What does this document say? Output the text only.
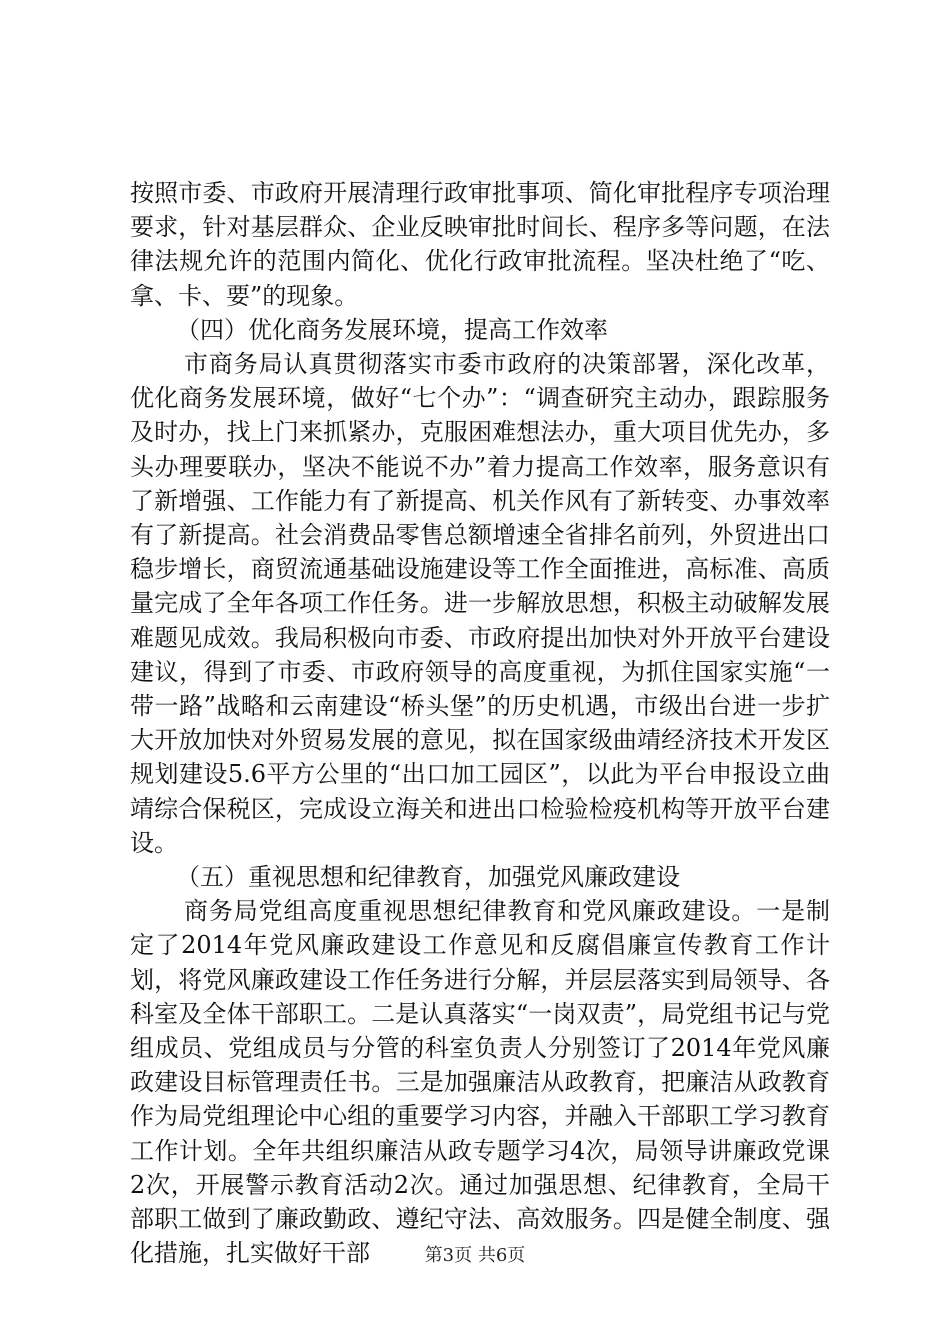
按照市委、市政府开展清理行政审批事项、简化审批程序专项治理要求，针对基层群众、企业反映审批时间长、程序多等问题，在法律法规允许的范围内简化、优化行政审批流程。坚决杜绝了“吃、拿、卡、要”的现象。

（四）优化商务发展环境，提高工作效率

市商务局认真贯彻落实市委市政府的决策部署，深化改革，优化商务发展环境，做好“七个办”：“调查研究主动办，跟踪服务及时办，找上门来抓紧办，克服困难想法办，重大项目优先办，多头办理要联办，坚决不能说不办”着力提高工作效率，服务意识有了新增强、工作能力有了新提高、机关作风有了新转变、办事效率有了新提高。社会消费品零售总额增速全省排名前列，外贸进出口稳步增长，商贸流通基础设施建设等工作全面推进，高标准、高质量完成了全年各项工作任务。进一步解放思想，积极主动破解发展难题见成效。我局积极向市委、市政府提出加快对外开放平台建设建议，得到了市委、市政府领导的高度重视，为抓住国家实施“一带一路”战略和云南建设“桥头堡”的历史机遇，市级出台进一步扩大开放加快对外贸易发展的意见，拟在国家级曲靖经济技术开发区规划建设5.6平方公里的“出口加工园区”，以此为平台申报设立曲靖综合保税区，完成设立海关和进出口检验检疫机构等开放平台建设。

（五）重视思想和纪律教育，加强党风廉政建设

商务局党组高度重视思想纪律教育和党风廉政建设。一是制定了2014年党风廉政建设工作意见和反腐倡廉宣传教育工作计划，将党风廉政建设工作任务进行分解，并层层落实到局领导、各科室及全体干部职工。二是认真落实“一岗双责”，局党组书记与党组成员、党组成员与分管的科室负责人分别签订了2014年党风廉政建设目标管理责任书。三是加强廉洁从政教育，把廉洁从政教育作为局党组理论中心组的重要学习内容，并融入干部职工学习教育工作计划。全年共组织廉洁从政专题学习4次，局领导讲廉政党课2次，开展警示教育活动2次。通过加强思想、纪律教育，全局干部职工做到了廉政勤政、遵纪守法、高效服务。四是健全制度、强化措施，扎实做好干部	第3页 共6页
